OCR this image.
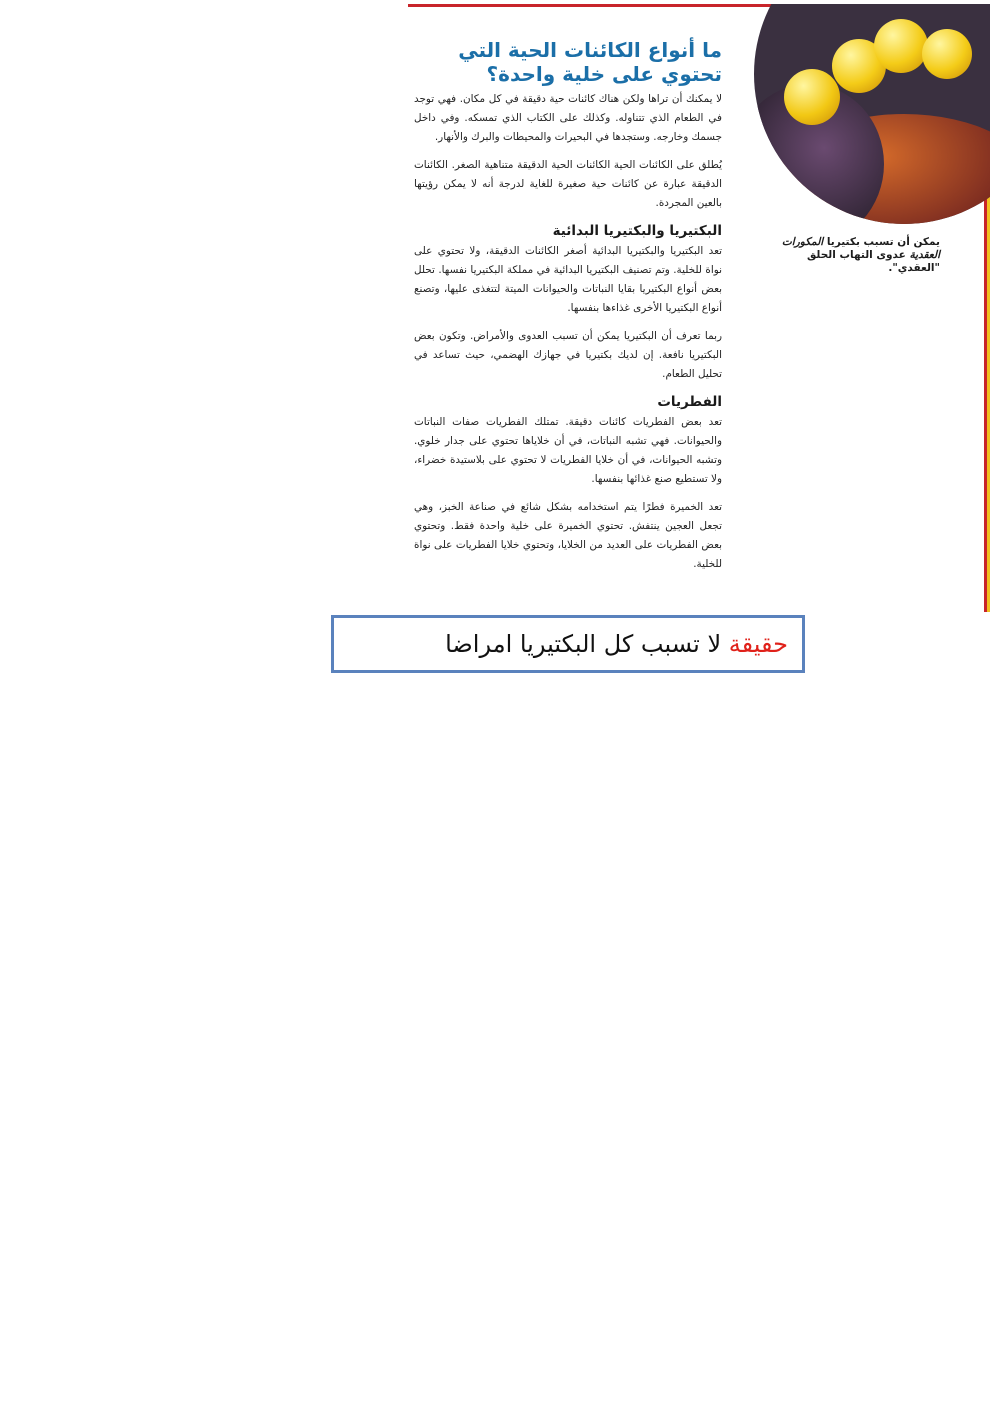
يمكن أن تسبب بكتيريا المكورات العقدية عدوى التهاب الحلق "العقدي".
ما أنواع الكائنات الحية التي
تحتوي على خلية واحدة؟

لا يمكنك أن تراها ولكن هناك كائنات حية دقيقة في كل مكان. فهي توجد في الطعام الذي تتناوله. وكذلك على الكتاب الذي تمسكه. وفي داخل جسمك وخارجه. وستجدها في البحيرات والمحيطات والبرك والأنهار.

يُطلق على الكائنات الحية الكائنات الحية الدقيقة متناهية الصغر. الكائنات الدقيقة عبارة عن كائنات حية صغيرة للغاية لدرجة أنه لا يمكن رؤيتها بالعين المجردة.

البكتيريا والبكتيريا البدائية

تعد البكتيريا والبكتيريا البدائية أصغر الكائنات الدقيقة، ولا تحتوي على نواة للخلية. وتم تصنيف البكتيريا البدائية في مملكة البكتيريا نفسها. تحلل بعض أنواع البكتيريا بقايا النباتات والحيوانات الميتة لتتغذى عليها، وتصنع أنواع البكتيريا الأخرى غذاءها بنفسها.

ربما تعرف أن البكتيريا يمكن أن تسبب العدوى والأمراض. وتكون بعض البكتيريا نافعة. إن لديك بكتيريا في جهازك الهضمي، حيث تساعد في تحليل الطعام.

الفطريات

تعد بعض الفطريات كائنات دقيقة. تمتلك الفطريات صفات النباتات والحيوانات. فهي تشبه النباتات، في أن خلاياها تحتوي على جدار خلوي. وتشبه الحيوانات، في أن خلايا الفطريات لا تحتوي على بلاستيدة خضراء، ولا تستطيع صنع غذائها بنفسها.

تعد الخميرة فطرًا يتم استخدامه بشكل شائع في صناعة الخبز، وهي تجعل العجين ينتفش. تحتوي الخميرة على خلية واحدة فقط. وتحتوي بعض الفطريات على العديد من الخلايا، وتحتوي خلايا الفطريات على نواة للخلية.

حقيقة لا تسبب كل البكتيريا امراضا
